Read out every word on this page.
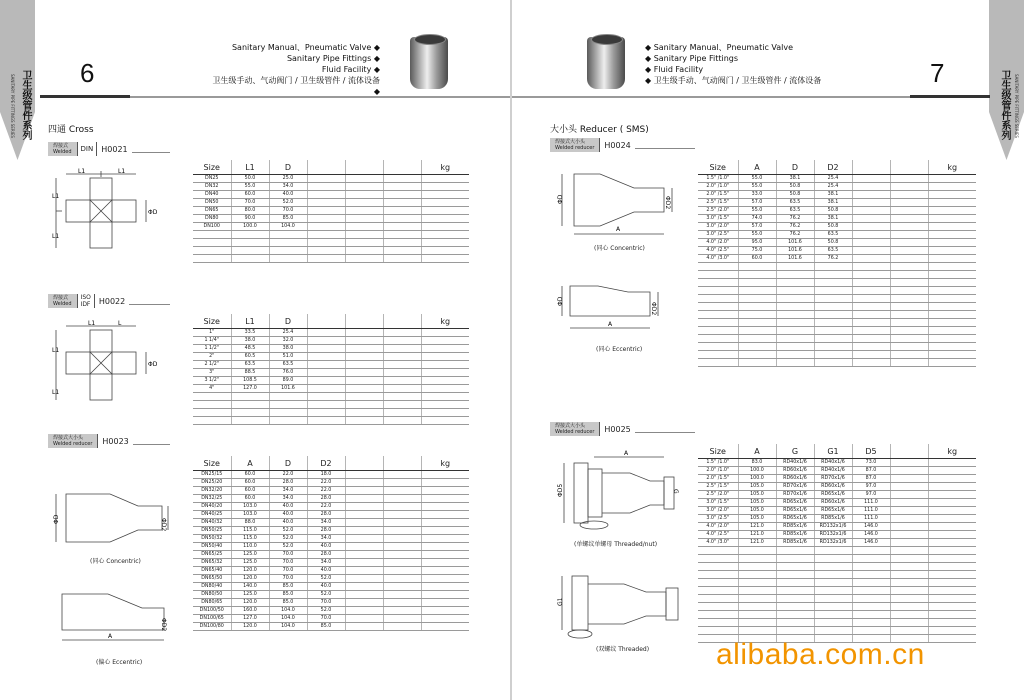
卫生级管件系列
SANITARY PIPE FITTINGS SERIES
6
Sanitary Manual、Pneumatic Valve ◆
Sanitary Pipe Fittings ◆
Fluid Facility ◆
卫生级手动、气动阀门 / 卫生级管件 / 流体设备 ◆
四通 Cross
焊接式
Welded	DIN	H0021
L1	L1
L1
L1
ΦD
Size	L1	D				kg
DN25	50.0	25.0				
DN32	55.0	34.0				
DN40	60.0	40.0				
DN50	70.0	52.0				
DN65	80.0	70.0				
DN80	90.0	85.0				
DN100	100.0	104.0				

焊接式
Welded
ISO
IDF	H0022
L1	L
L1
L1
ΦD
Size	L1	D				kg
1"	33.5	25.4				
1 1/4"	38.0	32.0				
1 1/2"	48.5	38.0				
2"	60.5	51.0				
2 1/2"	63.5	63.5				
3"	88.5	76.0				
3 1/2"	108.5	89.0				
4"	127.0	101.6				

焊接式大小头
Welded reducer	H0023
ΦD	ΦD2
(同心 Concentric)
A
ΦD2
(偏心 Eccentric)
Size	A	D	D2			kg
DN25/15	60.0	22.0	18.0			
DN25/20	60.0	28.0	22.0			
DN32/20	60.0	34.0	22.0			
DN32/25	60.0	34.0	28.0			
DN40/20	103.0	40.0	22.0			
DN40/25	103.0	40.0	28.0			
DN40/32	88.0	40.0	34.0			
DN50/25	115.0	52.0	28.0			
DN50/32	115.0	52.0	34.0			
DN50/40	110.0	52.0	40.0			
DN65/25	125.0	70.0	28.0			
DN65/32	125.0	70.0	34.0			
DN65/40	120.0	70.0	40.0			
DN65/50	120.0	70.0	52.0			
DN80/40	140.0	85.0	40.0			
DN80/50	125.0	85.0	52.0			
DN80/65	120.0	85.0	70.0			
DN100/50	160.0	104.0	52.0			
DN100/65	127.0	104.0	70.0			
DN100/80	120.0	104.0	85.0			
卫生级管件系列	SANITARY PIPE FITTINGS SERIES
7
◆ Sanitary Manual、Pneumatic Valve
◆ Sanitary Pipe Fittings
◆ Fluid Facility
◆ 卫生级手动、气动阀门 / 卫生级管件 / 流体设备
大小头 Reducer ( SMS)
焊接式大小头
Welded reducer	H0024
A
ΦD	ΦD2
(同心 Concentric)
A
ΦD
ΦD2
(同心 Eccentric)
Size	A	D	D2			kg
1.5" /1.0"	55.0	38.1	25.4			
2.0" /1.0"	55.0	50.8	25.4			
2.0" /1.5"	33.0	50.8	38.1			
2.5" /1.5"	57.0	63.5	38.1			
2.5" /2.0"	55.0	63.5	50.8			
3.0" /1.5"	74.0	76.2	38.1			
3.0" /2.0"	57.0	76.2	50.8			
3.0" /2.5"	55.0	76.2	63.5			
4.0" /2.0"	95.0	101.6	50.8			
4.0" /2.5"	75.0	101.6	63.5			
4.0" /3.0"	60.0	101.6	76.2			

焊接式大小头
Welded reducer	H0025
A
ΦD5	G
(单螺纹单螺母 Threaded/nut)
G1
(双螺纹 Threaded)
Size	A	G	G1	D5		kg
1.5" /1.0"	83.0	RD40x1/6	RD40x1/6	73.0		
2.0" /1.0"	100.0	RD60x1/6	RD40x1/6	87.0		
2.0" /1.5"	100.0	RD60x1/6	RD70x1/6	87.0		
2.5" /1.5"	105.0	RD70x1/6	RD60x1/6	97.0		
2.5" /2.0"	105.0	RD70x1/6	RD65x1/6	97.0		
3.0" /1.5"	105.0	RD65x1/6	RD60x1/6	111.0		
3.0" /2.0"	105.0	RD65x1/6	RD65x1/6	111.0		
3.0" /2.5"	105.0	RD65x1/6	RD85x1/6	111.0		
4.0" /2.0"	121.0	RD85x1/6	RD132x1/6	146.0		
4.0" /2.5"	121.0	RD85x1/6	RD132x1/6	146.0		
4.0" /3.0"	121.0	RD85x1/6	RD132x1/6	146.0		

alibaba.com.cn
